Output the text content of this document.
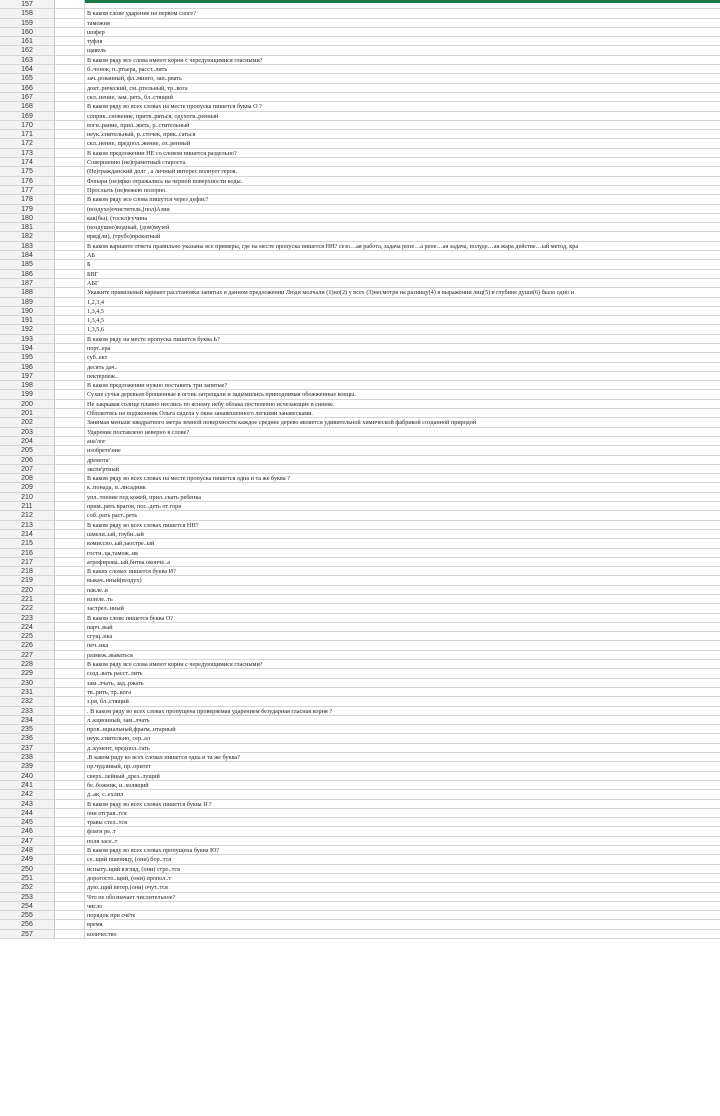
157
158	В каком слове ударение на первом слоге?
159	таможня
160	шофер
161	туфля
162	щавель
163	В каком ряду все слова имеют корни с чередующимися гласными?
164	б..чонок, п..ртьера, расст..лить
165	зач..рованный, фл..минго, зап..рвать
166	докт..рический, см..ртельный, тр..вога
167	скл..нение, зам..реть, бл..стящий
168	В каком ряду во всех словах на месте пропуска пишется буква О ?
169	соприк..сновение, притв..ряться, одухотв..ренный
170	вогн..рание, прил..жить, р..стительный
171	неук..снительный, р..сточек, прик..саться
172	скл..нение, предпол..жение, оз..ренный
173	В каком предложении НЕ со словом пишется раздельно?
174	Совершенно (не)грамотный староста.
175	(Не)гражданский долг , а личный интерес волнует героя.
176	Фонари (не)ярко отражались на черной поверхности воды.
177	Прослыть (не)вежею позорно.
178	В каком ряду все слова пишутся через дефис?
179	(воздухо)очиститель,(пол)Азии
180	как(бы), (тоскл)гучина
181	(воздушно)водный, (дом)музей
182	вряд(ли), (трубо)прокатный
183	В каком варианте ответа правильно указаны все примеры, где на месте пропуска пишется НН? сезо…ая работа, задача репе…а репе…ая задача, полуде…ая жара действе…ый метод, кра
184	АБ
185	Б
186	БВГ
187	АБГ
188	Укажите правильный вариант расстановки запятых в данном предложении Люди молчали (1)но(2) у всех (3)несмотря на разницу(4) в выражении лиц(5) в глубине души(6) было одно и
189	1,2,3,4
190	1,3,4,5
191	1,3,4,5
192	1,3,5,6
193	В каком ряду на месте пропуска пишется буква Ь?
194	порт..ера
195	суб..ект
196	десять дач..
197	пектерпеж..
198	В каком предложении нужно поставить три запятые?
199	Сухие сучья деревьев брошенные в огонь затрещали и задымились приподнимая обожженные концы.
200	Не закрывая солнце плавно неслись по ясному небу облака постепенно исчезающие в синеве.
201	Облокотясь на подоконник Ольга сидела у окна занавешенного легкими занавесками.
202	Занимая меньше квадратного метра земной поверхности каждое среднее дерево является удивительной химической фабрикой созданной природой
203	Ударение поставлено неверно в слове?
204	ана'лог
205	изобрете'ние
206	дремота'
207	экспе'ртный
208	В каком ряду во всех словах на месте пропуска пишется одна и та же буква ?
209	к..понада, п..лисадник
210	упл..тнение под кожей, прил..скать ребенка
211	прим..рять врагов, пос..деть от горя
212	соб..рать раст..реть
213	В каком ряду во всех словах пишется НН?
214	шмели..ый, глуби..ый
215	комиссио..ый,заостре..ый
216	гости..ца,тамож..ик
217	атрофирова..ый,битва оконче..а
218	В каких словах пишется буква И?
219	выкач..нный(воздух)
220	пакле..в
221	взлеле..ть
222	застрел..нный
223	В каком слове пишется буква О?
224	парч..вый
225	сгущ..нка
226	печ..нка
227	размеж..вываться
228	В каком ряду все слова имеют корни с чередующимися гласными?
229	созд..вать расст..лить
230	зам..лчать, зад..ржать
231	тв..рить, тр..вога
232	з.ря, бл..стящий
233	. В каком ряду во всех словах пропущена проверяемая ударением безударная гласная корня ?
234	л..кционный, зам..лчать
235	пров..нциальный,фрагм..нтарный
236	неук..снительно, сер..ал
237	д..кумент, предпол..гать
238	.В каком ряду во всех словах пишется одна и та же буква?
239	пр.чудливый, пр..оритет
240	сверх..лейный ,дрез..лущий
241	бе..божник, и..холящий
242	д..ак, с..ехлил
243	В каком ряду во всех словах пишется буква Я ?
244	они отграв..тся
245	травы стел..тся
246	флаги ре..т
247	поля засе..т
248	В каком ряду во всех словах пропущена буква Ю?
249	се..щий пшеницу, (они) бор..тся
250	испыту..щий взгляд, (они) стро..тся
251	дорогосто..щий, (они) пропол..т
252	дую..щий ветер,(они) очут..тся
253	Что не обозначает числительное?
254	число
255	порядок при счёте
256	время
257	количество
